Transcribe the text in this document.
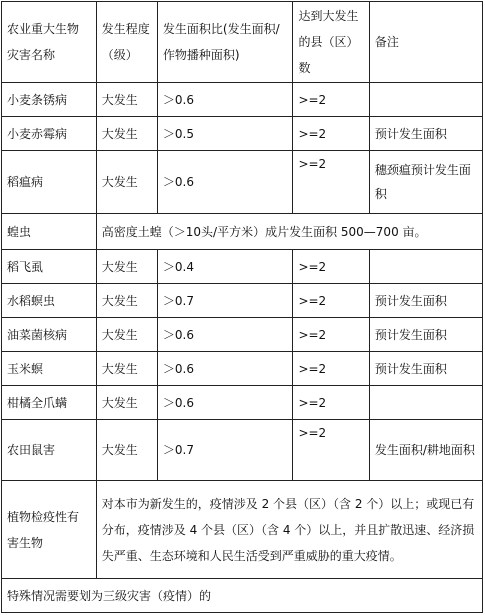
农业重大生物灾害名称	发生程度（级）	发生面积比(发生面积/作物播种面积)	达到大发生的县（区）数	备注
小麦条锈病	大发生	＞0.6	>=2	
小麦赤霉病	大发生	＞0.5	>=2	预计发生面积
稻瘟病	大发生	＞0.6	>=2	穗颈瘟预计发生面积
蝗虫	高密度土蝗（＞10头/平方米）成片发生面积 500—700 亩。			
稻飞虱	大发生	＞0.4	>=2	
水稻螟虫	大发生	＞0.7	>=2	预计发生面积
油菜菌核病	大发生	＞0.6	>=2	预计发生面积
玉米螟	大发生	＞0.6	>=2	预计发生面积
柑橘全爪螨	大发生	＞0.6	>=2	
农田鼠害	大发生	＞0.7	>=2	发生面积/耕地面积
植物检疫性有害生物	对本市为新发生的，疫情涉及 2 个县（区）（含 2 个）以上；或现已有分布，疫情涉及 4 个县（区）（含 4 个）以上，并且扩散迅速、经济损失严重、生态环境和人民生活受到严重威胁的重大疫情。			
特殊情况需要划为三级灾害（疫情）的				
